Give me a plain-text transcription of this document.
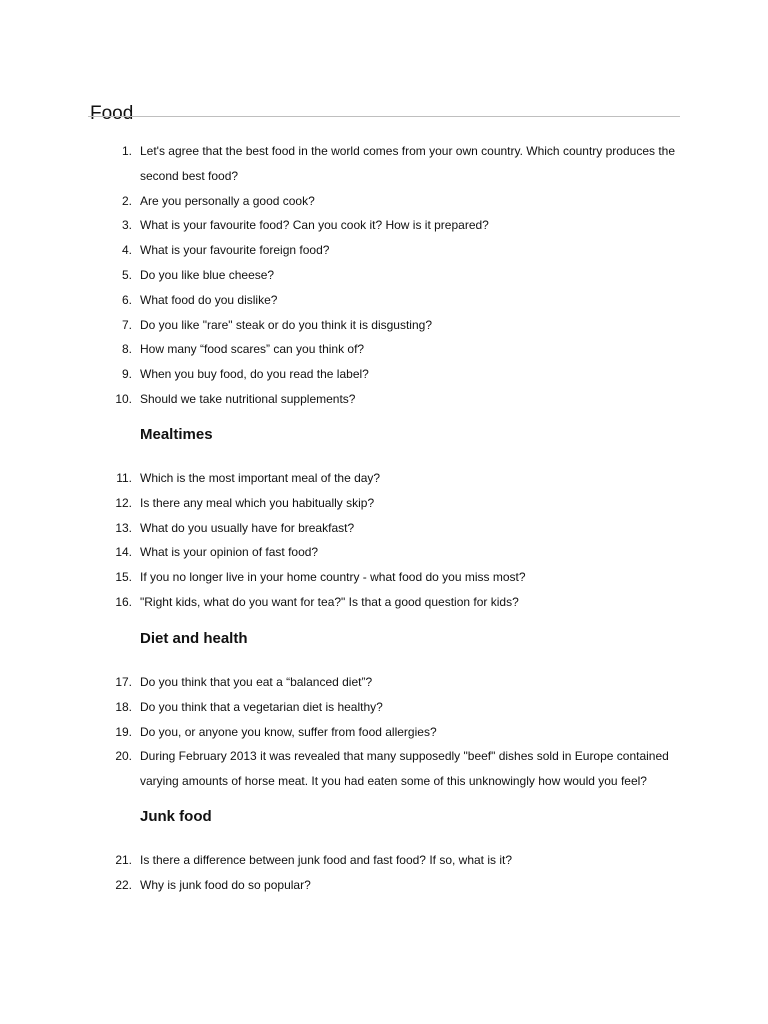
Food
1. Let's agree that the best food in the world comes from your own country. Which country produces the second best food?
2. Are you personally a good cook?
3. What is your favourite food? Can you cook it? How is it prepared?
4. What is your favourite foreign food?
5. Do you like blue cheese?
6. What food do you dislike?
7. Do you like "rare" steak or do you think it is disgusting?
8. How many “food scares” can you think of?
9. When you buy food, do you read the label?
10. Should we take nutritional supplements?
Mealtimes
11. Which is the most important meal of the day?
12. Is there any meal which you habitually skip?
13. What do you usually have for breakfast?
14. What is your opinion of fast food?
15. If you no longer live in your home country - what food do you miss most?
16. "Right kids, what do you want for tea?" Is that a good question for kids?
Diet and health
17. Do you think that you eat a “balanced diet”?
18. Do you think that a vegetarian diet is healthy?
19. Do you, or anyone you know, suffer from food allergies?
20. During February 2013 it was revealed that many supposedly "beef" dishes sold in Europe contained varying amounts of horse meat. It you had eaten some of this unknowingly how would you feel?
Junk food
21. Is there a difference between junk food and fast food? If so, what is it?
22. Why is junk food do so popular?
